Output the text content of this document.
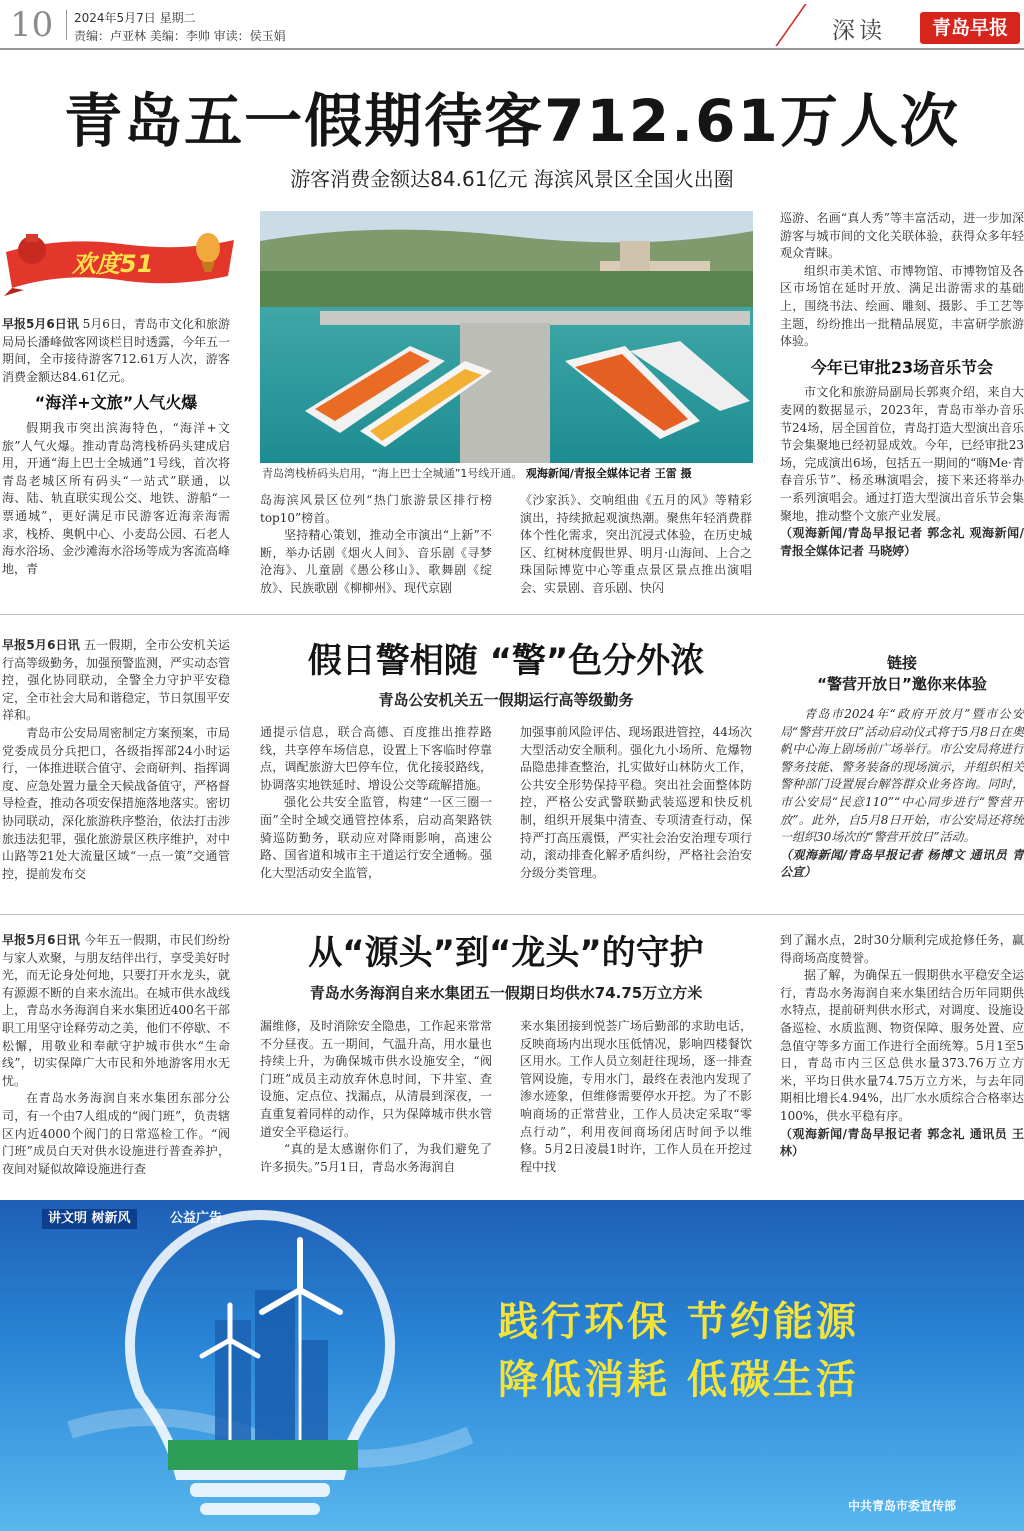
10 2024年5月7日 星期二
责编：卢亚林 美编：李帅 审读：侯玉娟	深读	青岛早报
青岛五一假期待客712.61万人次
游客消费金额达84.61亿元 海滨风景区全国火出圈
欢度51

早报5月6日讯 5月6日，青岛市文化和旅游局局长潘峰做客网谈栏目时透露，今年五一期间，全市接待游客712.61万人次，游客消费金额达84.61亿元。

“海洋+文旅”人气火爆

假期我市突出滨海特色，“海洋+文旅”人气火爆。推动青岛湾栈桥码头建成启用，开通“海上巴士全城通”1号线，首次将青岛老城区所有码头“一站式”联通，以海、陆、轨直联实现公交、地铁、游船“一票通城”，更好满足市民游客近海亲海需求，栈桥、奥帆中心、小麦岛公园、石老人海水浴场、金沙滩海水浴场等成为客流高峰地，青

青岛湾栈桥码头启用，“海上巴士全城通”1号线开通。 观海新闻/青报全媒体记者 王雷 摄

岛海滨风景区位列“热门旅游景区排行榜top10”榜首。

坚持精心策划，推动全市演出“上新”不断，举办话剧《烟火人间》、音乐剧《寻梦沧海》、儿童剧《愚公移山》、歌舞剧《绽放》、民族歌剧《柳柳州》、现代京剧

《沙家浜》、交响组曲《五月的风》等精彩演出，持续掀起观演热潮。聚焦年轻消费群体个性化需求，突出沉浸式体验，在历史城区、红树林度假世界、明月·山海间、上合之珠国际博览中心等重点景区景点推出演唱会、实景剧、音乐剧、快闪

巡游、名画“真人秀”等丰富活动，进一步加深游客与城市间的文化关联体验，获得众多年轻观众青睐。

组织市美术馆、市博物馆、市博物馆及各区市场馆在延时开放、满足出游需求的基础上，围绕书法、绘画、雕刻、摄影、手工艺等主题，纷纷推出一批精品展览，丰富研学旅游体验。

今年已审批23场音乐节会

市文化和旅游局副局长郭爽介绍，来自大麦网的数据显示，2023年，青岛市举办音乐节24场，居全国首位，青岛打造大型演出音乐节会集聚地已经初显成效。今年，已经审批23场，完成演出6场，包括五一期间的“嗨Me·青春音乐节”、杨丞琳演唱会，接下来还将举办一系列演唱会。通过打造大型演出音乐节会集聚地，推动整个文旅产业发展。

（观海新闻/青岛早报记者 郭念礼 观海新闻/青报全媒体记者 马晓婷）

假日警相随 “警”色分外浓
青岛公安机关五一假期运行高等级勤务

早报5月6日讯 五一假期，全市公安机关运行高等级勤务，加强预警监测，严实动态管控，强化协同联动，全警全力守护平安稳定，全市社会大局和谐稳定，节日氛围平安祥和。

青岛市公安局周密制定方案预案，市局党委成员分兵把口，各级指挥部24小时运行，一体推进联合值守、会商研判、指挥调度、应急处置力量全天候战备值守，严格督导检查，推动各项安保措施落地落实。密切协同联动，深化旅游秩序整治，依法打击涉旅违法犯罪，强化旅游景区秩序维护，对中山路等21处大流量区域“一点一策”交通管控，提前发布交

通提示信息，联合高德、百度推出推荐路线，共享停车场信息，设置上下客临时停靠点，调配旅游大巴停车位，优化接驳路线，协调落实地铁延时、增设公交等疏解措施。

强化公共安全监管，构建“一区三圈一面”全时全域交通管控体系，启动高架路铁骑巡防勤务，联动应对降雨影响，高速公路、国省道和城市主干道运行安全通畅。强化大型活动安全监管，

加强事前风险评估、现场跟进管控，44场次大型活动安全顺利。强化九小场所、危爆物品隐患排查整治，扎实做好山林防火工作，公共安全形势保持平稳。突出社会面整体防控，严格公安武警联勤武装巡逻和快反机制，组织开展集中清查、专项清查行动，保持严打高压震慑，严实社会治安治理专项行动，滚动排查化解矛盾纠纷，严格社会治安分级分类管理。

链接
“警营开放日”邀你来体验

青岛市2024年“政府开放月”暨市公安局“警营开放日”活动启动仪式将于5月8日在奥帆中心海上剧场前广场举行。市公安局将进行警务技能、警务装备的现场演示，并组织相关警种部门设置展台解答群众业务咨询。同时，市公安局“民意110”“中心同步进行“警营开放”。此外，自5月8日开始，市公安局还将统一组织30场次的“警营开放日”活动。

（观海新闻/青岛早报记者 杨博文 通讯员 青公宣）

从“源头”到“龙头”的守护
青岛水务海润自来水集团五一假期日均供水74.75万立方米

早报5月6日讯 今年五一假期，市民们纷纷与家人欢聚，与朋友结伴出行，享受美好时光，而无论身处何地，只要打开水龙头，就有源源不断的自来水流出。在城市供水战线上，青岛水务海润自来水集团近400名干部职工用坚守诠释劳动之美，他们不停歇、不松懈，用敬业和奉献守护城市供水“生命线”，切实保障广大市民和外地游客用水无忧。

在青岛水务海润自来水集团东部分公司，有一个由7人组成的“阀门班”，负责辖区内近4000个阀门的日常巡检工作。“阀门班”成员白天对供水设施进行普查养护，夜间对疑似故障设施进行查

漏维修，及时消除安全隐患，工作起来常常不分昼夜。五一期间，气温升高，用水量也持续上升，为确保城市供水设施安全，“阀门班”成员主动放弃休息时间，下井室、查设施、定点位、找漏点，从清晨到深夜，一直重复着同样的动作，只为保障城市供水管道安全平稳运行。

“真的是太感谢你们了，为我们避免了许多损失。”5月1日，青岛水务海润自

来水集团接到悦荟广场后勤部的求助电话，反映商场内出现水压低情况，影响四楼餐饮区用水。工作人员立刻赶往现场，逐一排查管网设施，专用水门，最终在表池内发现了渗水迹象，但维修需要停水开挖。为了不影响商场的正常营业，工作人员决定采取“零点行动”，利用夜间商场闭店时间予以维修。5月2日凌晨1时许，工作人员在开挖过程中找

到了漏水点，2时30分顺利完成抢修任务，赢得商场高度赞誉。

据了解，为确保五一假期供水平稳安全运行，青岛水务海润自来水集团结合历年同期供水特点，提前研判供水形式，对调度、设施设备巡检、水质监测、物资保障、服务处置、应急值守等多方面工作进行全面统筹。5月1至5日，青岛市内三区总供水量373.76万立方米，平均日供水量74.75万立方米，与去年同期相比增长4.94%，出厂水水质综合合格率达100%，供水平稳有序。

（观海新闻/青岛早报记者 郭念礼 通讯员 王林）

讲文明 树新风	公益广告
践行环保 节约能源
降低消耗 低碳生活
中共青岛市委宣传部
